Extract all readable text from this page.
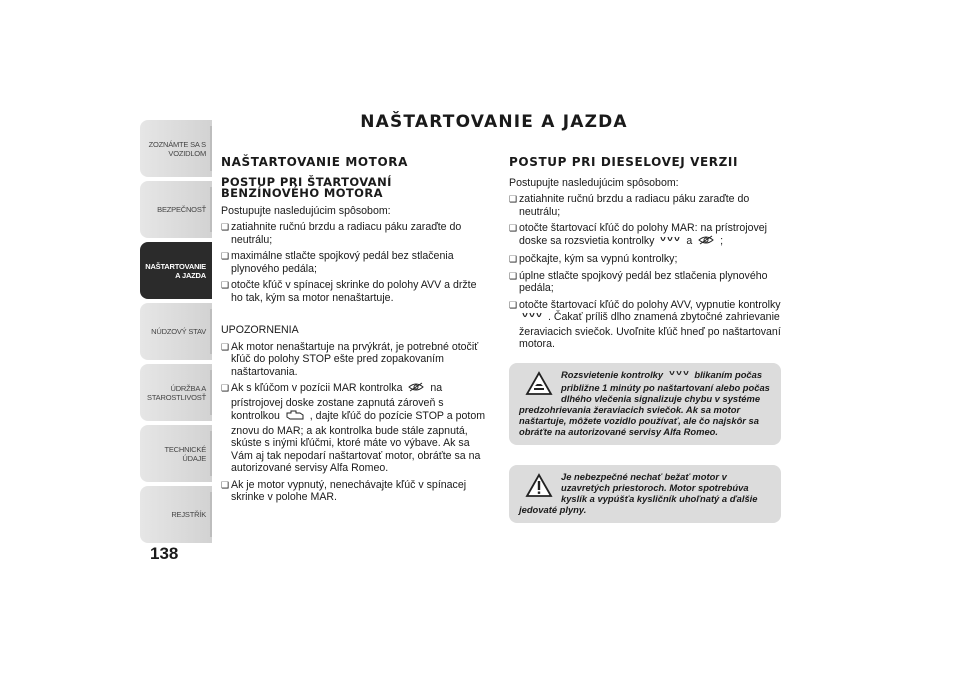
ZOZNÁMTE SA S VOZIDLOM
BEZPEČNOSŤ
NAŠTARTOVANIE A JAZDA
NÚDZOVÝ STAV
ÚDRŽBA A STAROSTLIVOSŤ
TECHNICKÉ ÚDAJE
REJSTŘÍK
138
NAŠTARTOVANIE A JAZDA
NAŠTARTOVANIE MOTORA
POSTUP PRI ŠTARTOVANÍ BENZÍNOVÉHO MOTORA

Postupujte nasledujúcim spôsobom:

❑ zatiahnite ručnú brzdu a radiacu páku zaraďte do neutrálu;
❑ maximálne stlačte spojkový pedál bez stlačenia plynového pedála;
❑ otočte kľúč v spínacej skrinke do polohy AVV a držte ho tak, kým sa motor nenaštartuje.

UPOZORNENIA

❑ Ak motor nenaštartuje na prvýkrát, je potrebné otočiť kľúč do polohy STOP ešte pred zopakovaním naštartovania.
❑ Ak s kľúčom v pozícii MAR kontrolka	na prístrojovej doske zostane zapnutá zároveň s kontrolkou	, dajte kľúč do pozície STOP a potom znovu do MAR; a ak kontrolka bude stále zapnutá, skúste s inými kľúčmi, ktoré máte vo výbave. Ak sa Vám aj tak nepodarí naštartovať motor, obráťte sa na autorizované servisy Alfa Romeo.
❑ Ak je motor vypnutý, nenechávajte kľúč v spínacej skrinke v polohe MAR.
POSTUP PRI DIESELOVEJ VERZII

Postupujte nasledujúcim spôsobom:

❑ zatiahnite ručnú brzdu a radiacu páku zaraďte do neutrálu;
❑ otočte štartovací kľúč do polohy MAR: na prístrojovej doske sa rozsvietia kontrolky	a	;
❑ počkajte, kým sa vypnú kontrolky;
❑ úplne stlačte spojkový pedál bez stlačenia plynového pedála;
❑ otočte štartovací kľúč do polohy AVV, vypnutie kontrolky  . Čakať príliš dlho znamená zbytočné zahrievanie žeraviacich sviečok. Uvoľnite kľúč hneď po naštartovaní motora.
Rozsvietenie kontrolky	blikaním počas približne 1 minúty po naštartovaní alebo počas dlhého vlečenia signalizuje chybu v systéme predzohrievania žeraviacich sviečok. Ak sa motor naštartuje, môžete vozidlo používať, ale čo najskôr sa obráťte na autorizované servisy Alfa Romeo.
Je nebezpečné nechať bežať motor v uzavretých priestoroch. Motor spotrebúva kyslík a vypúšťa kysličník uhoľnatý a ďalšie jedovaté plyny.
